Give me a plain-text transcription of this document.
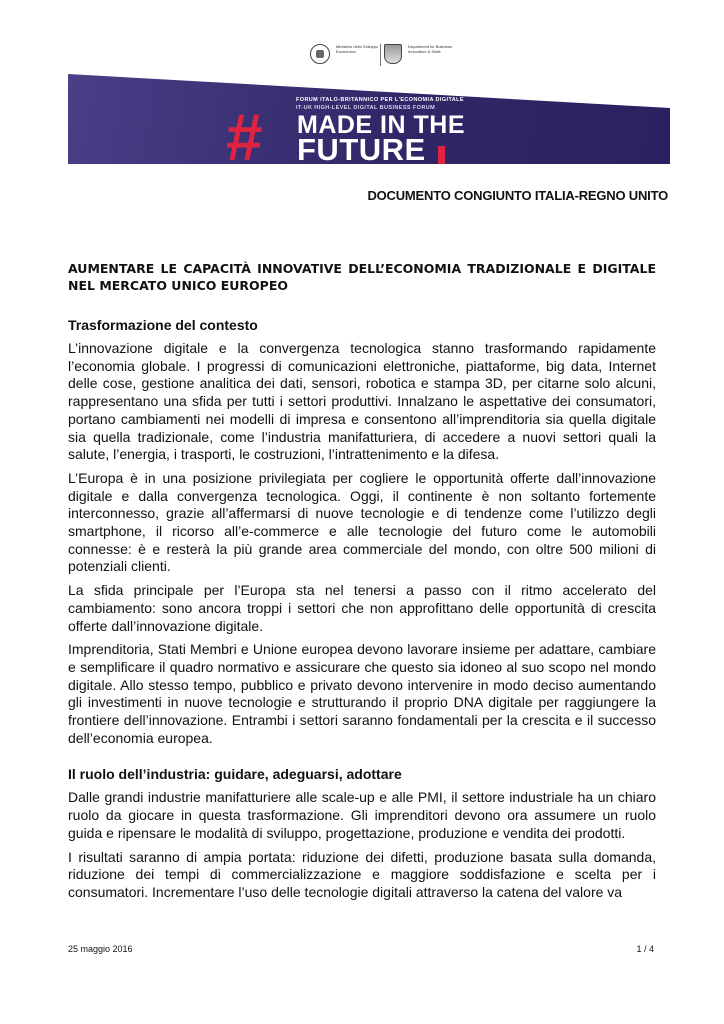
Ministero dello Sviluppo Economico
Department for Business Innovation & Skills
FORUM ITALO-BRITANNICO PER L'ECONOMIA DIGITALE
IT-UK HIGH-LEVEL DIGITAL BUSINESS FORUM
# MADE IN THE
FUTURE
DOCUMENTO CONGIUNTO ITALIA-REGNO UNITO
AUMENTARE LE CAPACITÀ INNOVATIVE DELL’ECONOMIA TRADIZIONALE E DIGITALE NEL MERCATO UNICO EUROPEO
Trasformazione del contesto

L’innovazione digitale e la convergenza tecnologica stanno trasformando rapidamente l’economia globale. I progressi di comunicazioni elettroniche, piattaforme, big data, Internet delle cose, gestione analitica dei dati, sensori, robotica e stampa 3D, per citarne solo alcuni, rappresentano una sfida per tutti i settori produttivi. Innalzano le aspettative dei consumatori, portano cambiamenti nei modelli di impresa e consentono all’imprenditoria sia quella digitale sia quella tradizionale, come l’industria manifatturiera, di accedere a nuovi settori quali la salute, l’energia, i trasporti, le costruzioni, l’intrattenimento e la difesa.

L’Europa è in una posizione privilegiata per cogliere le opportunità offerte dall’innovazione digitale e dalla convergenza tecnologica. Oggi, il continente è non soltanto fortemente interconnesso, grazie all’affermarsi di nuove tecnologie e di tendenze come l’utilizzo degli smartphone, il ricorso all’e-commerce e alle tecnologie del futuro come le automobili connesse: è e resterà la più grande area commerciale del mondo, con oltre 500 milioni di potenziali clienti.

La sfida principale per l’Europa sta nel tenersi a passo con il ritmo accelerato del cambiamento: sono ancora troppi i settori che non approfittano delle opportunità di crescita offerte dall’innovazione digitale.

Imprenditoria, Stati Membri e Unione europea devono lavorare insieme per adattare, cambiare e semplificare il quadro normativo e assicurare che questo sia idoneo al suo scopo nel mondo digitale. Allo stesso tempo, pubblico e privato devono intervenire in modo deciso aumentando gli investimenti in nuove tecnologie e strutturando il proprio DNA digitale per raggiungere la frontiere dell’innovazione. Entrambi i settori saranno fondamentali per la crescita e il successo dell’economia europea.

Il ruolo dell’industria: guidare, adeguarsi, adottare

Dalle grandi industrie manifatturiere alle scale-up e alle PMI, il settore industriale ha un chiaro ruolo da giocare in questa trasformazione. Gli imprenditori devono ora assumere un ruolo guida e ripensare le modalità di sviluppo, progettazione, produzione e vendita dei prodotti.

I risultati saranno di ampia portata: riduzione dei difetti, produzione basata sulla domanda, riduzione dei tempi di commercializzazione e maggiore soddisfazione e scelta per i consumatori. Incrementare l’uso delle tecnologie digitali attraverso la catena del valore va

25 maggio 2016	1 / 4
